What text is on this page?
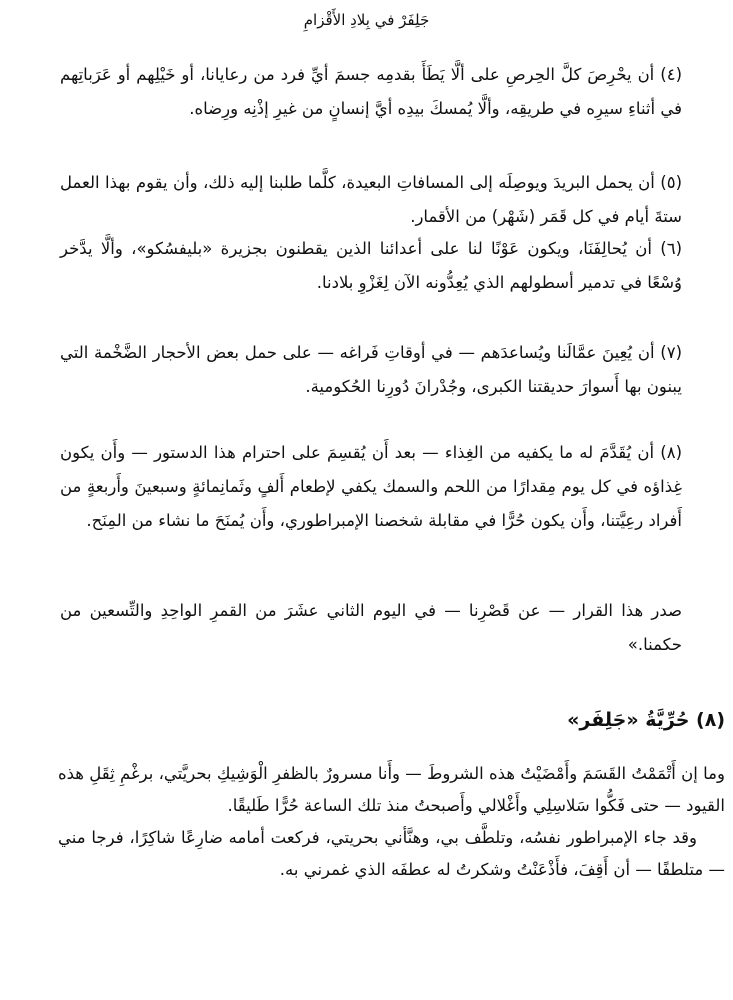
جَلِفَرْ في بِلادِ الأَقْزامِ
(٤) أن يحْرِصَ كلَّ الحِرصِ على ألَّا يَطَأَ بقدمِه جسمَ أيِّ فرد من رعايانا، أو خَيْلِهم أو عَرَباتِهم في أثناءِ سيرِه في طريقِه، وألَّا يُمسكَ بيدِه أيَّ إنسانٍ من غيرِ إذْنِه ورِضاه.
(٥) أن يحمل البريدَ ويوصِلَه إلى المسافاتِ البعيدة، كلَّما طلبنا إليه ذلك، وأن يقوم بهذا العمل ستةَ أيام في كل قَمَر (شَهْر) من الأقمار.
(٦) أن يُحالِفَنَا، ويكون عَوْنًا لنا على أعدائنا الذين يقطنون بجزيرة «بليفسُكو»، وألَّا يدَّخر وُسْعًا في تدمير أسطولهم الذي يُعِدُّونه الآن لِغَزْوِ بلادنا.
(٧) أن يُعِينَ عمَّالَنا ويُساعدَهم — في أوقاتِ فَراغه — على حمل بعض الأحجار الضَّخْمة التي يبنون بها أَسوارَ حديقتنا الكبرى، وجُدْرانَ دُورِنا الحُكومية.
(٨) أن يُقَدَّمَ له ما يكفيه من الغِذاء — بعد أَن يُقسِمَ على احترام هذا الدستور — وأَن يكون غِذاؤه في كل يوم مِقدارًا من اللحم والسمك يكفي لإطعام أَلفٍ وثَمانِمائةٍ وسبعينَ وأَربعةٍ من أَفراد رعِيَّتنا، وأَن يكون حُرًّا في مقابلة شخصنا الإمبراطوري، وأَن يُمنَحَ ما نشاء من المِنَح.
صدر هذا القرار — عن قَصْرِنا — في اليوم الثاني عشَرَ من القمرِ الواحِدِ والتِّسعين من حكمنا.»
(٨) حُرِّيَّةُ «جَلِفَر»

وما إن أَتْمَمْتُ القَسَمَ وأَمْضَيْتُ هذه الشروطَ — وأَنا مسرورٌ بالظفرِ الْوَشِيكِ بحريَّتي، برغْمِ ثِقَلِ هذه القيود — حتى فَكُّوا سَلاسِلِي وأَغْلالي وأَصبحتُ منذ تلك الساعة حُرًّا طَليقًا.

وقد جاء الإمبراطور نفسُه، وتلطَّف بي، وهنَّأني بحريتي، فركعت أمامه ضارِعًا شاكِرًا، فرجا مني — متلطفًا — أن أَقِفَ، فأَذْعَنْتُ وشكرتُ له عطفَه الذي غمرني به.
